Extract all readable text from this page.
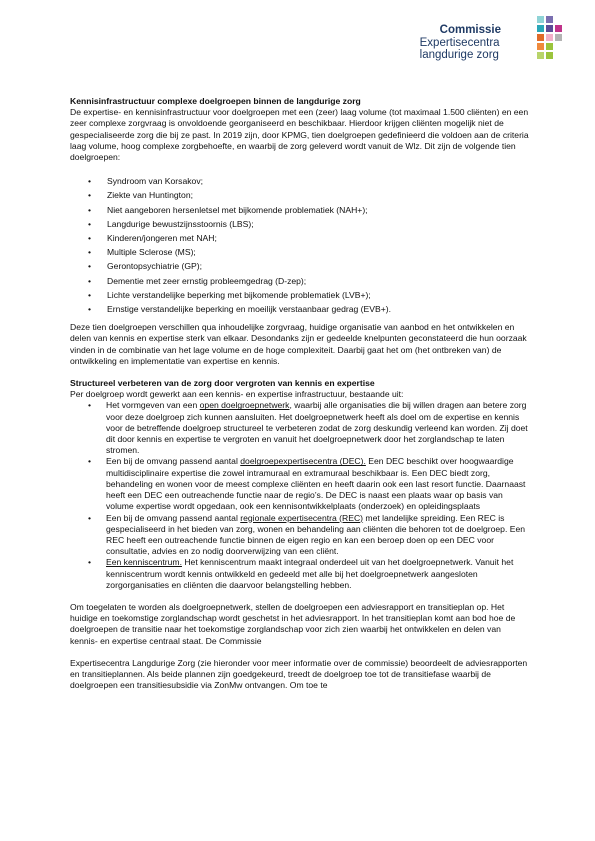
Commissie
Expertisecentra
langdurige zorg

Kennisinfrastructuur complexe doelgroepen binnen de langdurige zorg

De expertise- en kennisinfrastructuur voor doelgroepen met een (zeer) laag volume (tot maximaal 1.500 cliënten) en een zeer complexe zorgvraag is onvoldoende georganiseerd en beschikbaar. Hierdoor krijgen cliënten mogelijk niet de gespecialiseerde zorg die bij ze past. In 2019 zijn, door KPMG, tien doelgroepen gedefinieerd die voldoen aan de criteria laag volume, hoog complexe zorgbehoefte, en waarbij de zorg geleverd wordt vanuit de Wlz. Dit zijn de volgende tien doelgroepen:

• Syndroom van Korsakov;
• Ziekte van Huntington;
• Niet aangeboren hersenletsel met bijkomende problematiek (NAH+);
• Langdurige bewustzijnsstoornis (LBS);
• Kinderen/jongeren met NAH;
• Multiple Sclerose (MS);
• Gerontopsychiatrie (GP);
• Dementie met zeer ernstig probleemgedrag (D-zep);
• Lichte verstandelijke beperking met bijkomende problematiek (LVB+);
• Ernstige verstandelijke beperking en moeilijk verstaanbaar gedrag (EVB+).

Deze tien doelgroepen verschillen qua inhoudelijke zorgvraag, huidige organisatie van aanbod en het ontwikkelen en delen van kennis en expertise sterk van elkaar. Desondanks zijn er gedeelde knelpunten geconstateerd die hun oorzaak vinden in de combinatie van het lage volume en de hoge complexiteit. Daarbij gaat het om (het ontbreken van) de ontwikkeling en implementatie van expertise en kennis.

Structureel verbeteren van de zorg door vergroten van kennis en expertise

Per doelgroep wordt gewerkt aan een kennis- en expertise infrastructuur, bestaande uit:

• Het vormgeven van een open doelgroepnetwerk, waarbij alle organisaties die bij willen dragen aan betere zorg voor deze doelgroep zich kunnen aansluiten. Het doelgroepnetwerk heeft als doel om de expertise en kennis voor de betreffende doelgroep structureel te verbeteren zodat de zorg deskundig verleend kan worden. Zij doet dit door kennis en expertise te vergroten en vanuit het doelgroepnetwerk door het zorglandschap te laten stromen.
• Een bij de omvang passend aantal doelgroepexpertisecentra (DEC). Een DEC beschikt over hoogwaardige multidisciplinaire expertise die zowel intramuraal en extramuraal beschikbaar is. Een DEC biedt zorg, behandeling en wonen voor de meest complexe cliënten en heeft daarin ook een last resort functie. Daarnaast heeft een DEC een outreachende functie naar de regio’s. De DEC is naast een plaats waar op basis van volume expertise wordt opgedaan, ook een kennisontwikkelplaats (onderzoek) en opleidingsplaats
• Een bij de omvang passend aantal regionale expertisecentra (REC) met landelijke spreiding. Een REC is gespecialiseerd in het bieden van zorg, wonen en behandeling aan cliënten die behoren tot de doelgroep. Een REC heeft een outreachende functie binnen de eigen regio en kan een beroep doen op een DEC voor consultatie, advies en zo nodig doorverwijzing van een cliënt.
• Een kenniscentrum. Het kenniscentrum maakt integraal onderdeel uit van het doelgroepnetwerk. Vanuit het kenniscentrum wordt kennis ontwikkeld en gedeeld met alle bij het doelgroepnetwerk aangesloten zorgorganisaties en cliënten die daarvoor belangstelling hebben.

Om toegelaten te worden als doelgroepnetwerk, stellen de doelgroepen een adviesrapport en transitieplan op. Het huidige en toekomstige zorglandschap wordt geschetst in het adviesrapport. In het transitieplan komt aan bod hoe de doelgroepen de transitie naar het toekomstige zorglandschap voor zich zien waarbij het ontwikkelen en delen van kennis- en expertise centraal staat. De Commissie

Expertisecentra Langdurige Zorg (zie hieronder voor meer informatie over de commissie) beoordeelt de adviesrapporten en transitieplannen. Als beide plannen zijn goedgekeurd, treedt de doelgroep toe tot de transitiefase waarbij de doelgroepen een transitiesubsidie via ZonMw ontvangen. Om toe te
